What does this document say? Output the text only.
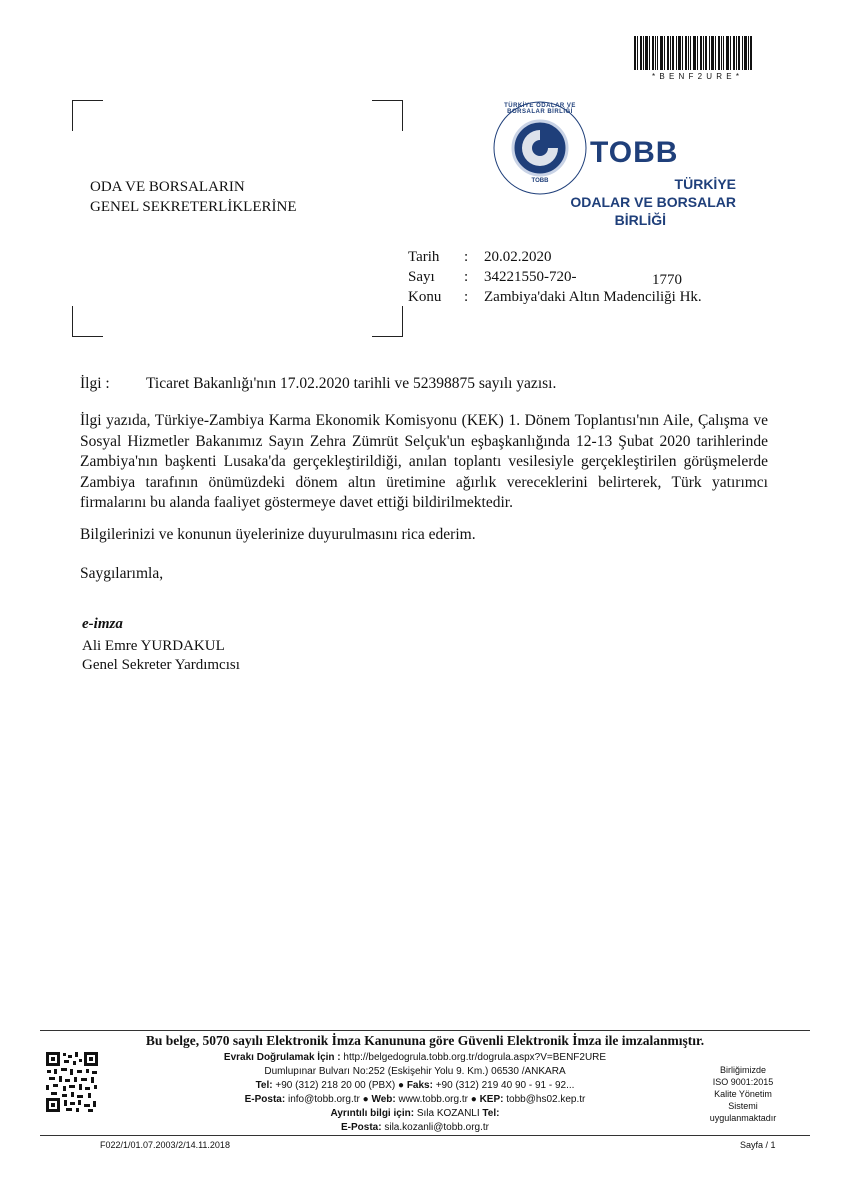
* B E N F 2 U R E *
ODA VE BORSALARIN
GENEL SEKRETERLİKLERİNE
TÜRKİYE ODALAR VE BORSALAR BİRLİĞİ
TOBB
TOBB
TÜRKİYE
ODALAR VE BORSALAR
BİRLİĞİ
Tarih : 20.02.2020
Sayı : 34221550-720-	1770
Konu : Zambiya'daki Altın Madenciliği Hk.
İlgi : Ticaret Bakanlığı'nın 17.02.2020 tarihli ve 52398875 sayılı yazısı.
İlgi yazıda, Türkiye-Zambiya Karma Ekonomik Komisyonu (KEK) 1. Dönem Toplantısı'nın Aile, Çalışma ve Sosyal Hizmetler Bakanımız Sayın Zehra Zümrüt Selçuk'un eşbaşkanlığında 12-13 Şubat 2020 tarihlerinde Zambiya'nın başkenti Lusaka'da gerçekleştirildiği, anılan toplantı vesilesiyle gerçekleştirilen görüşmelerde Zambiya tarafının önümüzdeki dönem altın üretimine ağırlık vereceklerini belirterek, Türk yatırımcı firmalarını bu alanda faaliyet göstermeye davet ettiği bildirilmektedir.
Bilgilerinizi ve konunun üyelerinize duyurulmasını rica ederim.
Saygılarımla,
e-imza
Ali Emre YURDAKUL
Genel Sekreter Yardımcısı
Bu belge, 5070 sayılı Elektronik İmza Kanununa göre Güvenli Elektronik İmza ile imzalanmıştır.
Evrakı Doğrulamak İçin : http://belgedogrula.tobb.org.tr/dogrula.aspx?V=BENF2URE
Dumlupınar Bulvarı No:252 (Eskişehir Yolu 9. Km.) 06530 /ANKARA
Tel: +90 (312) 218 20 00 (PBX) ● Faks: +90 (312) 219 40 90 - 91 - 92...
E-Posta: info@tobb.org.tr ● Web: www.tobb.org.tr ● KEP: tobb@hs02.kep.tr
Ayrıntılı bilgi için: Sıla KOZANLI Tel:
E-Posta: sila.kozanli@tobb.org.tr
Birliğimizde
ISO 9001:2015
Kalite Yönetim
Sistemi
uygulanmaktadır
F022/1/01.07.2003/2/14.11.2018	Sayfa / 1
